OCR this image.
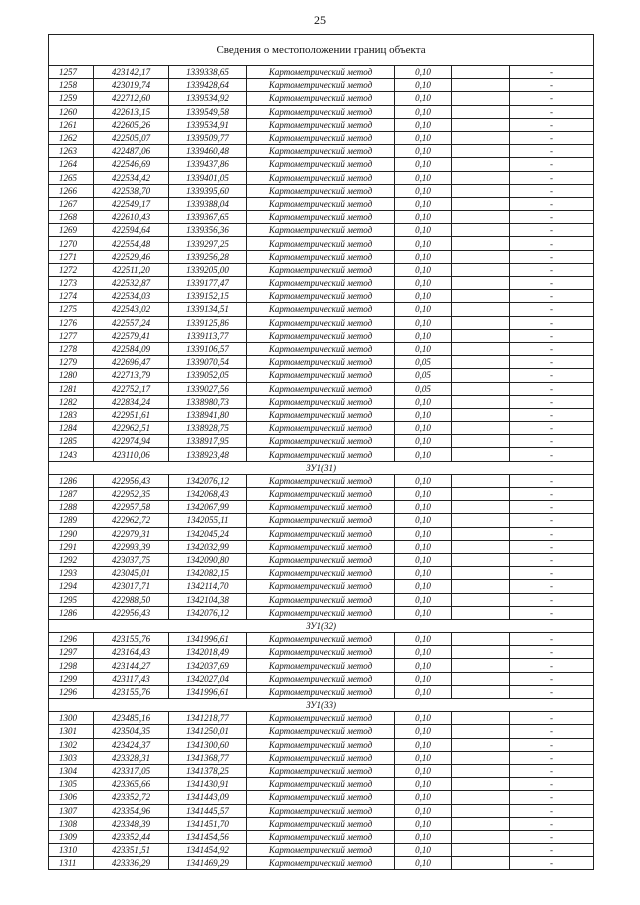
25
Сведения о местоположении границ объекта						
1257	423142,17	1339338,65	Картометрический метод	0,10		-
1258	423019,74	1339428,64	Картометрический метод	0,10		-
1259	422712,60	1339534,92	Картометрический метод	0,10		-
1260	422613,15	1339549,58	Картометрический метод	0,10		-
1261	422605,26	1339534,91	Картометрический метод	0,10		-
1262	422505,07	1339509,77	Картометрический метод	0,10		-
1263	422487,06	1339460,48	Картометрический метод	0,10		-
1264	422546,69	1339437,86	Картометрический метод	0,10		-
1265	422534,42	1339401,05	Картометрический метод	0,10		-
1266	422538,70	1339395,60	Картометрический метод	0,10		-
1267	422549,17	1339388,04	Картометрический метод	0,10		-
1268	422610,43	1339367,65	Картометрический метод	0,10		-
1269	422594,64	1339356,36	Картометрический метод	0,10		-
1270	422554,48	1339297,25	Картометрический метод	0,10		-
1271	422529,46	1339256,28	Картометрический метод	0,10		-
1272	422511,20	1339205,00	Картометрический метод	0,10		-
1273	422532,87	1339177,47	Картометрический метод	0,10		-
1274	422534,03	1339152,15	Картометрический метод	0,10		-
1275	422543,02	1339134,51	Картометрический метод	0,10		-
1276	422557,24	1339125,86	Картометрический метод	0,10		-
1277	422579,41	1339113,77	Картометрический метод	0,10		-
1278	422584,09	1339106,57	Картометрический метод	0,10		-
1279	422696,47	1339070,54	Картометрический метод	0,05		-
1280	422713,79	1339052,05	Картометрический метод	0,05		-
1281	422752,17	1339027,56	Картометрический метод	0,05		-
1282	422834,24	1338980,73	Картометрический метод	0,10		-
1283	422951,61	1338941,80	Картометрический метод	0,10		-
1284	422962,51	1338928,75	Картометрический метод	0,10		-
1285	422974,94	1338917,95	Картометрический метод	0,10		-
1243	423110,06	1338923,48	Картометрический метод	0,10		-
ЗУ1(31)						
1286	422956,43	1342076,12	Картометрический метод	0,10		-
1287	422952,35	1342068,43	Картометрический метод	0,10		-
1288	422957,58	1342067,99	Картометрический метод	0,10		-
1289	422962,72	1342055,11	Картометрический метод	0,10		-
1290	422979,31	1342045,24	Картометрический метод	0,10		-
1291	422993,39	1342032,99	Картометрический метод	0,10		-
1292	423037,75	1342090,80	Картометрический метод	0,10		-
1293	423045,01	1342082,15	Картометрический метод	0,10		-
1294	423017,71	1342114,70	Картометрический метод	0,10		-
1295	422988,50	1342104,38	Картометрический метод	0,10		-
1286	422956,43	1342076,12	Картометрический метод	0,10		-
ЗУ1(32)						
1296	423155,76	1341996,61	Картометрический метод	0,10		-
1297	423164,43	1342018,49	Картометрический метод	0,10		-
1298	423144,27	1342037,69	Картометрический метод	0,10		-
1299	423117,43	1342027,04	Картометрический метод	0,10		-
1296	423155,76	1341996,61	Картометрический метод	0,10		-
ЗУ1(33)						
1300	423485,16	1341218,77	Картометрический метод	0,10		-
1301	423504,35	1341250,01	Картометрический метод	0,10		-
1302	423424,37	1341300,60	Картометрический метод	0,10		-
1303	423328,31	1341368,77	Картометрический метод	0,10		-
1304	423317,05	1341378,25	Картометрический метод	0,10		-
1305	423365,66	1341430,91	Картометрический метод	0,10		-
1306	423352,72	1341443,09	Картометрический метод	0,10		-
1307	423354,96	1341445,57	Картометрический метод	0,10		-
1308	423348,39	1341451,70	Картометрический метод	0,10		-
1309	423352,44	1341454,56	Картометрический метод	0,10		-
1310	423351,51	1341454,92	Картометрический метод	0,10		-
1311	423336,29	1341469,29	Картометрический метод	0,10		-
